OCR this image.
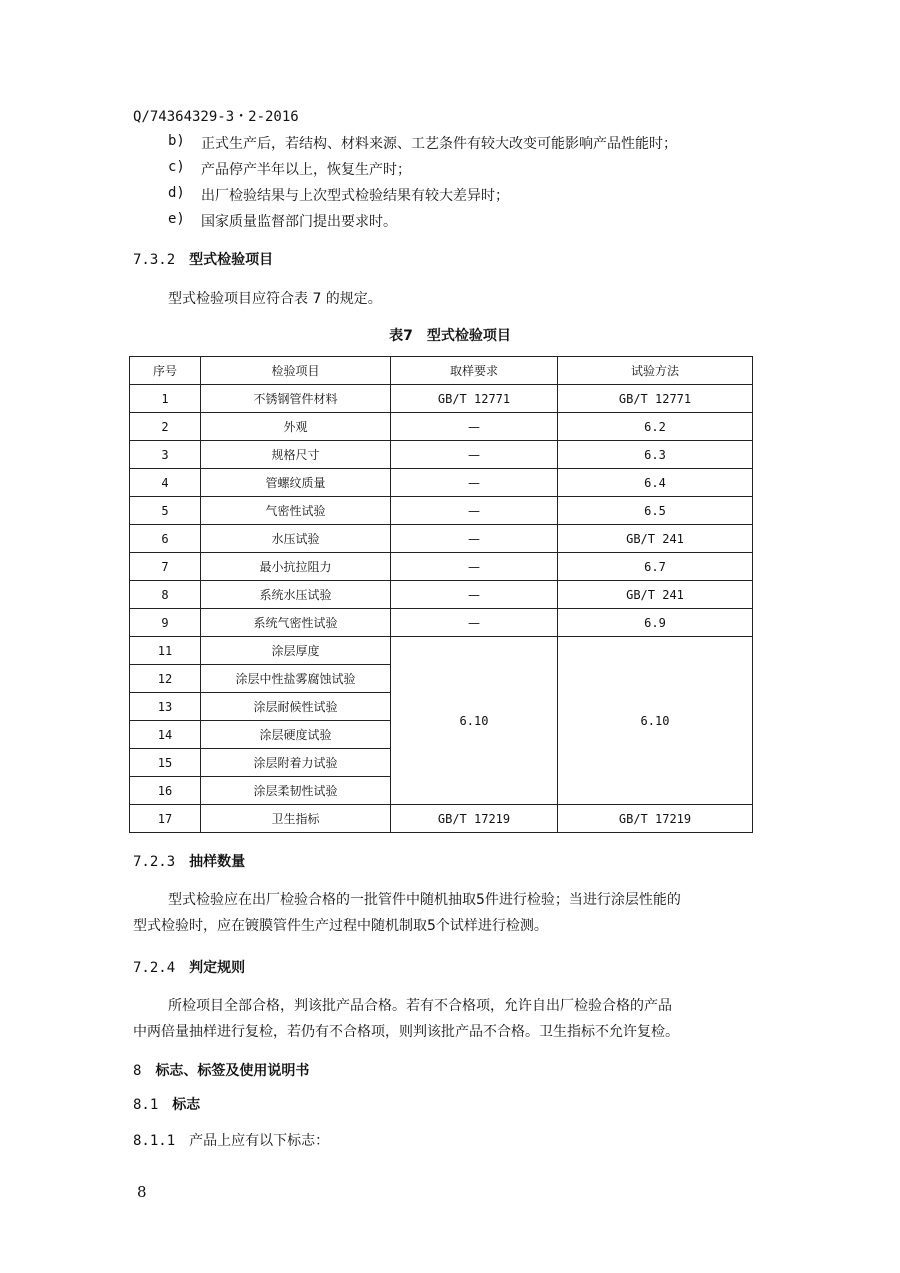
Q/74364329-3・2-2016
b) 正式生产后，若结构、材料来源、工艺条件有较大改变可能影响产品性能时；
c) 产品停产半年以上，恢复生产时；
d) 出厂检验结果与上次型式检验结果有较大差异时；
e) 国家质量监督部门提出要求时。
7.3.2 型式检验项目
型式检验项目应符合表 7 的规定。
表7　型式检验项目
序号	检验项目	取样要求	试验方法
1	不锈钢管件材料	GB/T 12771	GB/T 12771
2	外观	—	6.2
3	规格尺寸	—	6.3
4	管螺纹质量	—	6.4
5	气密性试验	—	6.5
6	水压试验	—	GB/T 241
7	最小抗拉阻力	—	6.7
8	系统水压试验	—	GB/T 241
9	系统气密性试验	—	6.9
11	涂层厚度	6.10	6.10
12	涂层中性盐雾腐蚀试验		
13	涂层耐候性试验		
14	涂层硬度试验		
15	涂层附着力试验		
16	涂层柔韧性试验		
17	卫生指标	GB/T 17219	GB/T 17219
7.2.3 抽样数量
型式检验应在出厂检验合格的一批管件中随机抽取5件进行检验；当进行涂层性能的
型式检验时，应在镀膜管件生产过程中随机制取5个试样进行检测。
7.2.4 判定规则
所检项目全部合格，判该批产品合格。若有不合格项，允许自出厂检验合格的产品
中两倍量抽样进行复检，若仍有不合格项，则判该批产品不合格。卫生指标不允许复检。
8 标志、标签及使用说明书
8.1 标志
8.1.1 产品上应有以下标志：
8
